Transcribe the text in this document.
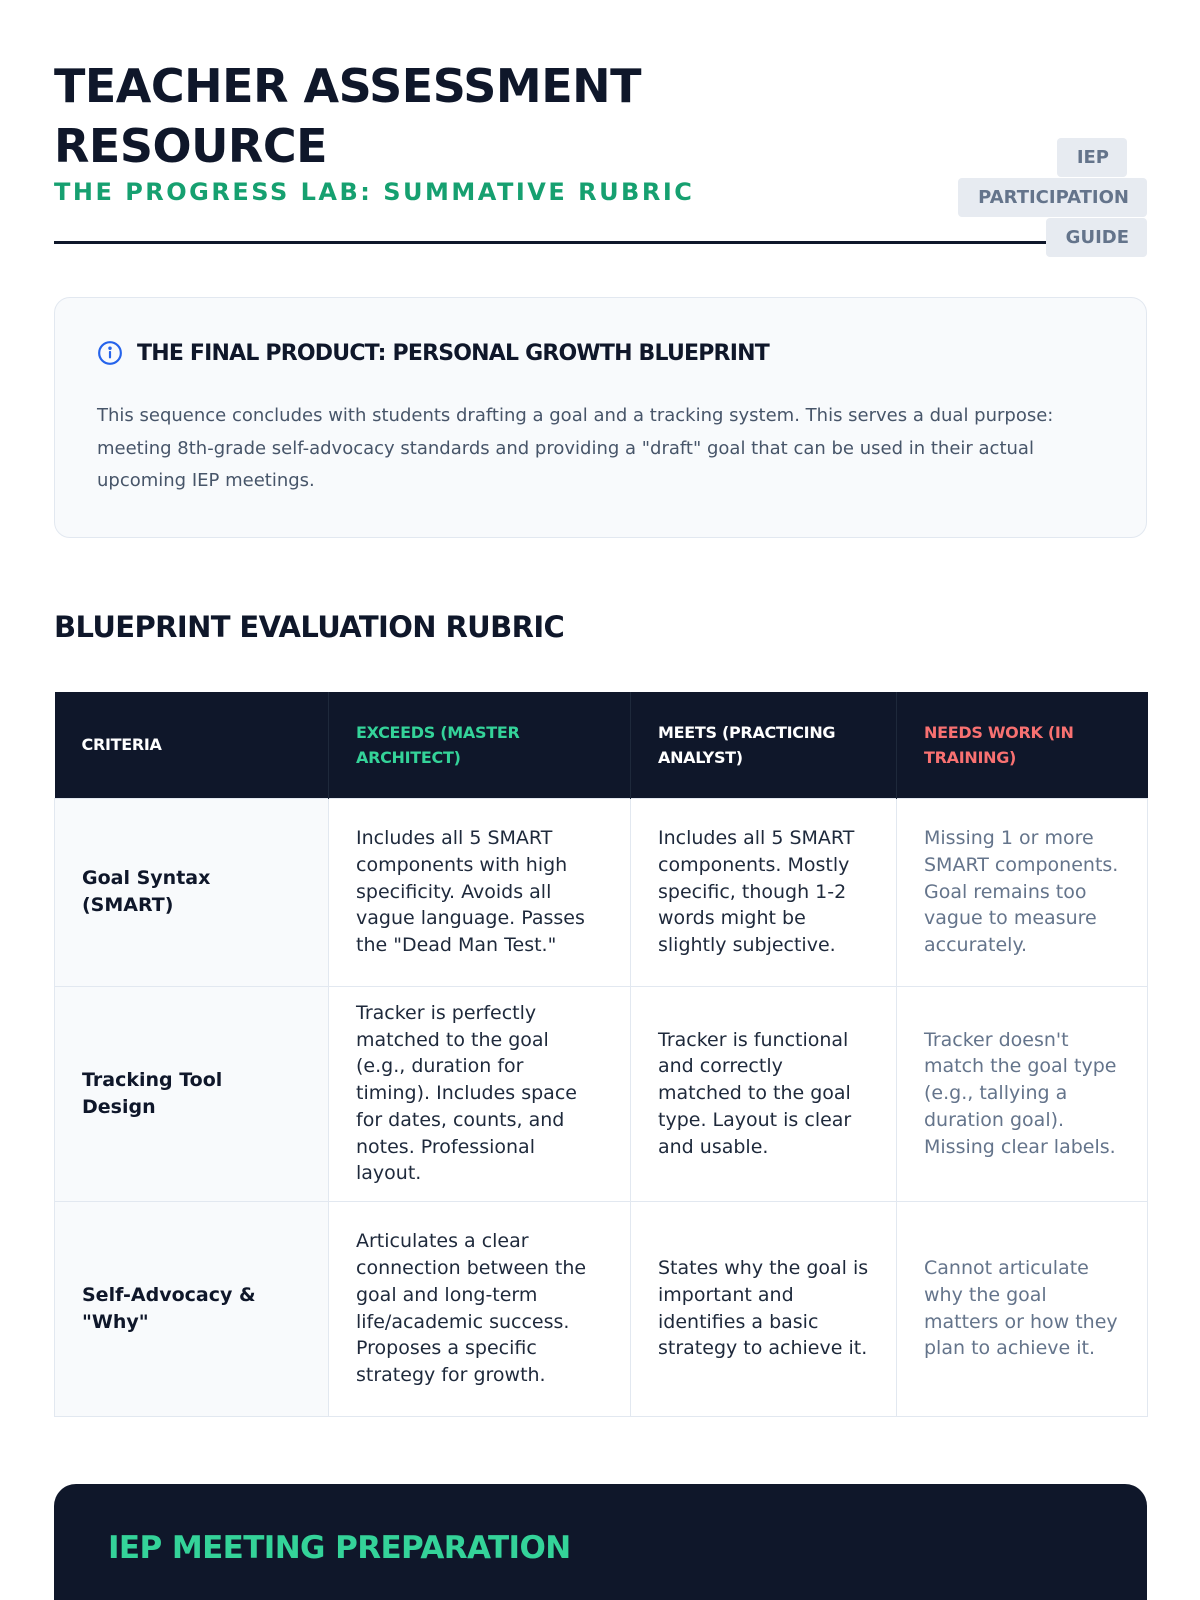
TEACHER ASSESSMENT RESOURCE
THE PROGRESS LAB: SUMMATIVE RUBRIC
IEP PARTICIPATION
GUIDE
THE FINAL PRODUCT: PERSONAL GROWTH BLUEPRINT

This sequence concludes with students drafting a goal and a tracking system. This serves a dual purpose: meeting 8th-grade self-advocacy standards and providing a "draft" goal that can be used in their actual upcoming IEP meetings.

BLUEPRINT EVALUATION RUBRIC
CRITERIA	EXCEEDS (MASTER ARCHITECT)	MEETS (PRACTICING ANALYST)	NEEDS WORK (IN TRAINING)
Goal Syntax (SMART)	Includes all 5 SMART components with high specificity. Avoids all vague language. Passes the "Dead Man Test."	Includes all 5 SMART components. Mostly specific, though 1-2 words might be slightly subjective.	Missing 1 or more SMART components. Goal remains too vague to measure accurately.
Tracking Tool Design	Tracker is perfectly matched to the goal (e.g., duration for timing). Includes space for dates, counts, and notes. Professional layout.	Tracker is functional and correctly matched to the goal type. Layout is clear and usable.	Tracker doesn't match the goal type (e.g., tallying a duration goal). Missing clear labels.
Self-Advocacy & "Why"	Articulates a clear connection between the goal and long-term life/academic success. Proposes a specific strategy for growth.	States why the goal is important and identifies a basic strategy to achieve it.	Cannot articulate why the goal matters or how they plan to achieve it.
IEP MEETING PREPARATION
